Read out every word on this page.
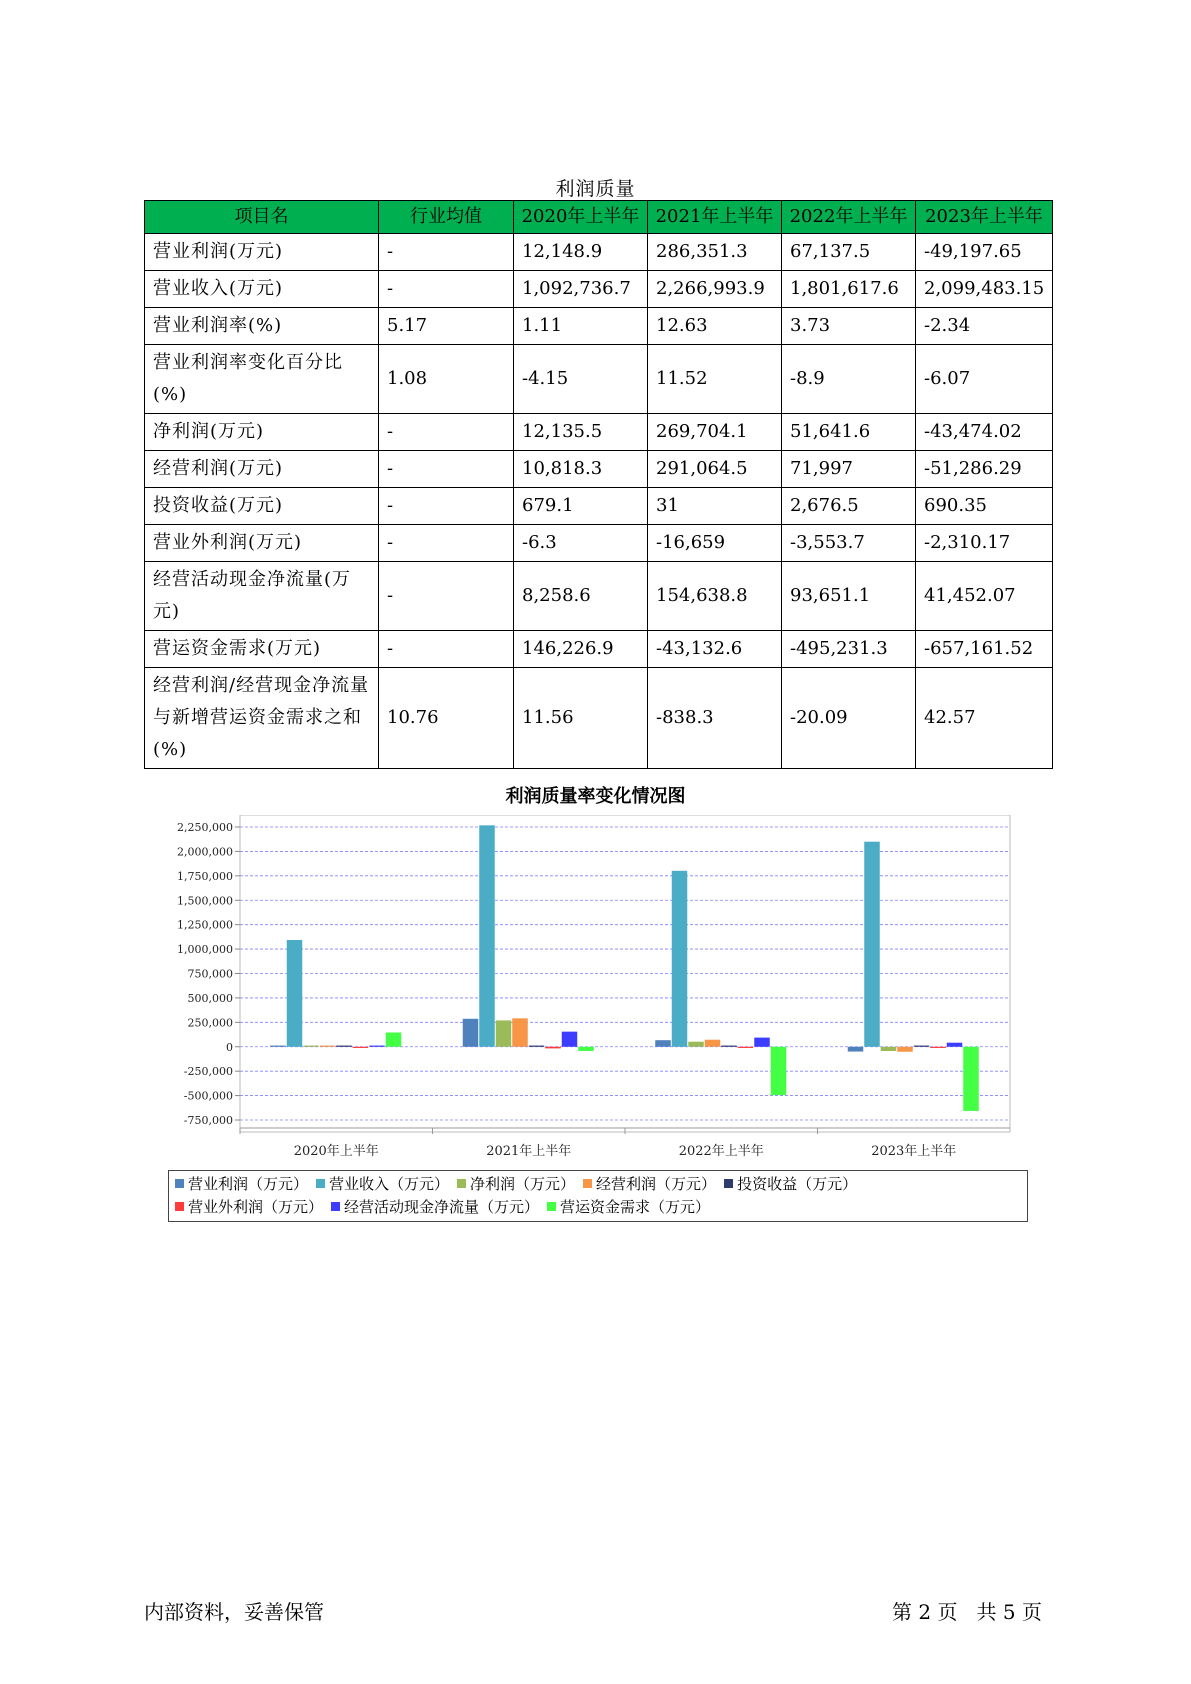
利润质量
项目名	行业均值	2020年上半年	2021年上半年	2022年上半年	2023年上半年
营业利润(万元)	-	12,148.9	286,351.3	67,137.5	-49,197.65
营业收入(万元)	-	1,092,736.7	2,266,993.9	1,801,617.6	2,099,483.15
营业利润率(%)	5.17	1.11	12.63	3.73	-2.34
营业利润率变化百分比(%)	1.08	-4.15	11.52	-8.9	-6.07
净利润(万元)	-	12,135.5	269,704.1	51,641.6	-43,474.02
经营利润(万元)	-	10,818.3	291,064.5	71,997	-51,286.29
投资收益(万元)	-	679.1	31	2,676.5	690.35
营业外利润(万元)	-	-6.3	-16,659	-3,553.7	-2,310.17
经营活动现金净流量(万元)	-	8,258.6	154,638.8	93,651.1	41,452.07
营运资金需求(万元)	-	146,226.9	-43,132.6	-495,231.3	-657,161.52
经营利润/经营现金净流量与新增营运资金需求之和(%)	10.76	11.56	-838.3	-20.09	42.57
利润质量率变化情况图
2,250,000
2,000,000
1,750,000
1,500,000
1,250,000
1,000,000
750,000
500,000
250,000
0
-250,000
-500,000
-750,000
2020年上半年	2021年上半年	2022年上半年	2023年上半年
营业利润（万元） 营业收入（万元） 净利润（万元） 经营利润（万元） 投资收益（万元）
营业外利润（万元） 经营活动现金净流量（万元） 营运资金需求（万元）
内部资料，妥善保管	第 2 页 共 5 页
